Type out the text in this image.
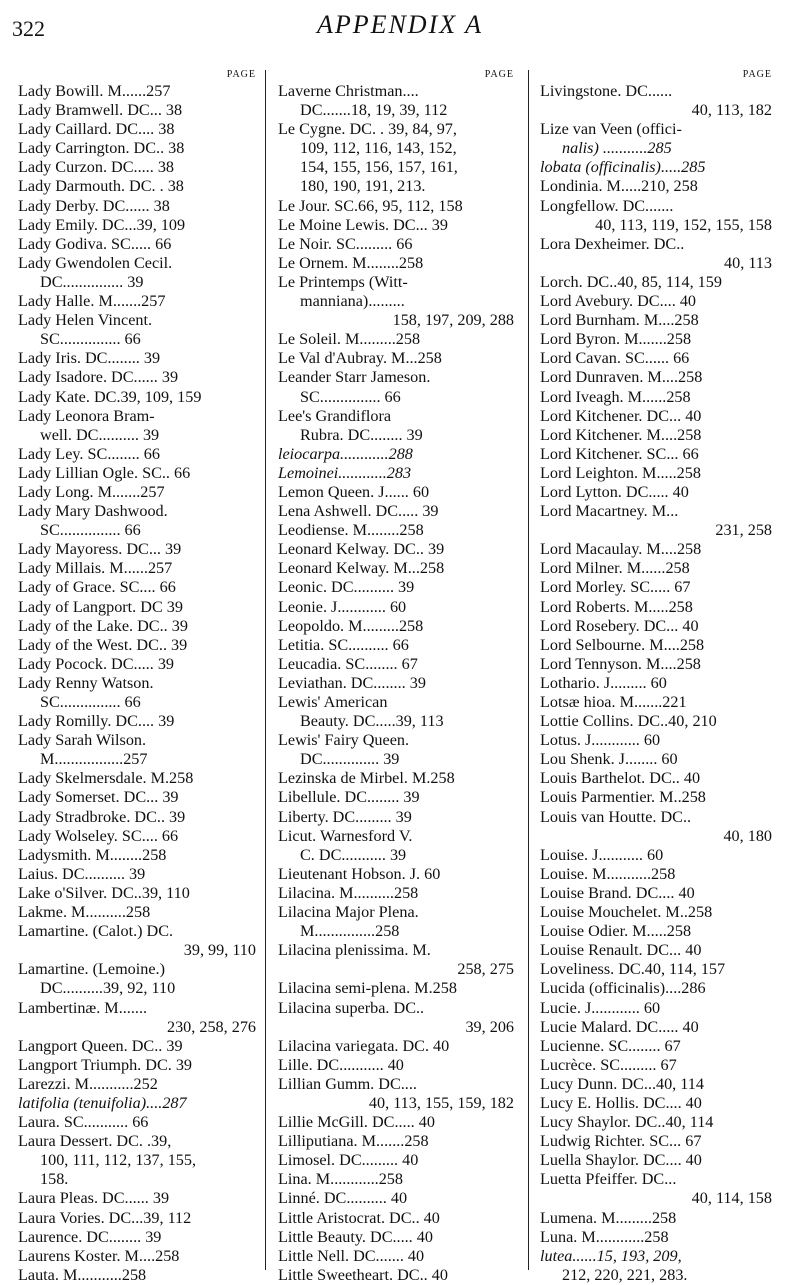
322	APPENDIX A
PAGE
Lady Bowill. M......257
Lady Bramwell. DC... 38
Lady Caillard. DC.... 38
Lady Carrington. DC.. 38
Lady Curzon. DC..... 38
Lady Darmouth. DC. . 38
Lady Derby. DC...... 38
Lady Emily. DC...39, 109
Lady Godiva. SC..... 66
Lady Gwendolen Cecil.
DC............... 39
Lady Halle. M.......257
Lady Helen Vincent.
SC............... 66
Lady Iris. DC........ 39
Lady Isadore. DC...... 39
Lady Kate. DC.39, 109, 159
Lady Leonora Bram-
well. DC.......... 39
Lady Ley. SC........ 66
Lady Lillian Ogle. SC.. 66
Lady Long. M.......257
Lady Mary Dashwood.
SC............... 66
Lady Mayoress. DC... 39
Lady Millais. M......257
Lady of Grace. SC.... 66
Lady of Langport. DC 39
Lady of the Lake. DC.. 39
Lady of the West. DC.. 39
Lady Pocock. DC..... 39
Lady Renny Watson.
SC............... 66
Lady Romilly. DC.... 39
Lady Sarah Wilson.
M.................257
Lady Skelmersdale. M.258
Lady Somerset. DC... 39
Lady Stradbroke. DC.. 39
Lady Wolseley. SC.... 66
Ladysmith. M........258
Laius. DC.......... 39
Lake o'Silver. DC..39, 110
Lakme. M..........258
Lamartine. (Calot.) DC.
39, 99, 110
Lamartine. (Lemoine.)
DC..........39, 92, 110
Lambertinæ. M.......
230, 258, 276
Langport Queen. DC.. 39
Langport Triumph. DC. 39
Larezzi. M...........252
latifolia (tenuifolia)....287
Laura. SC........... 66
Laura Dessert. DC. .39,
100, 111, 112, 137, 155,
158.
Laura Pleas. DC...... 39
Laura Vories. DC...39, 112
Laurence. DC........ 39
Laurens Koster. M....258
Lauta. M...........258
PAGE
Laverne Christman....
DC.......18, 19, 39, 112
Le Cygne. DC. . 39, 84, 97,
109, 112, 116, 143, 152,
154, 155, 156, 157, 161,
180, 190, 191, 213.
Le Jour. SC.66, 95, 112, 158
Le Moine Lewis. DC... 39
Le Noir. SC......... 66
Le Ornem. M........258
Le Printemps (Witt-
manniana).........
158, 197, 209, 288
Le Soleil. M.........258
Le Val d'Aubray. M...258
Leander Starr Jameson.
SC............... 66
Lee's Grandiflora
Rubra. DC........ 39
leiocarpa............288
Lemoinei............283
Lemon Queen. J...... 60
Lena Ashwell. DC..... 39
Leodiense. M........258
Leonard Kelway. DC.. 39
Leonard Kelway. M...258
Leonic. DC.......... 39
Leonie. J............ 60
Leopoldo. M.........258
Letitia. SC.......... 66
Leucadia. SC........ 67
Leviathan. DC........ 39
Lewis' American
Beauty. DC.....39, 113
Lewis' Fairy Queen.
DC.............. 39
Lezinska de Mirbel. M.258
Libellule. DC........ 39
Liberty. DC......... 39
Licut. Warnesford V.
C. DC........... 39
Lieutenant Hobson. J. 60
Lilacina. M..........258
Lilacina Major Plena.
M...............258
Lilacina plenissima. M.
258, 275
Lilacina semi-plena. M.258
Lilacina superba. DC..
39, 206
Lilacina variegata. DC. 40
Lille. DC........... 40
Lillian Gumm. DC....
40, 113, 155, 159, 182
Lillie McGill. DC..... 40
Lilliputiana. M.......258
Limosel. DC......... 40
Lina. M............258
Linné. DC.......... 40
Little Aristocrat. DC.. 40
Little Beauty. DC..... 40
Little Nell. DC....... 40
Little Sweetheart. DC.. 40
PAGE
Livingstone. DC......
40, 113, 182
Lize van Veen (offici-
nalis) ...........285
lobata (officinalis).....285
Londinia. M.....210, 258
Longfellow. DC.......
40, 113, 119, 152, 155, 158
Lora Dexheimer. DC..
40, 113
Lorch. DC..40, 85, 114, 159
Lord Avebury. DC.... 40
Lord Burnham. M....258
Lord Byron. M.......258
Lord Cavan. SC...... 66
Lord Dunraven. M....258
Lord Iveagh. M......258
Lord Kitchener. DC... 40
Lord Kitchener. M....258
Lord Kitchener. SC... 66
Lord Leighton. M.....258
Lord Lytton. DC..... 40
Lord Macartney. M...
231, 258
Lord Macaulay. M....258
Lord Milner. M......258
Lord Morley. SC..... 67
Lord Roberts. M.....258
Lord Rosebery. DC... 40
Lord Selbourne. M....258
Lord Tennyson. M....258
Lothario. J......... 60
Lotsæ hioa. M.......221
Lottie Collins. DC..40, 210
Lotus. J............ 60
Lou Shenk. J........ 60
Louis Barthelot. DC.. 40
Louis Parmentier. M..258
Louis van Houtte. DC..
40, 180
Louise. J........... 60
Louise. M...........258
Louise Brand. DC.... 40
Louise Mouchelet. M..258
Louise Odier. M.....258
Louise Renault. DC... 40
Loveliness. DC.40, 114, 157
Lucida (officinalis)....286
Lucie. J............ 60
Lucie Malard. DC..... 40
Lucienne. SC........ 67
Lucrèce. SC......... 67
Lucy Dunn. DC...40, 114
Lucy E. Hollis. DC.... 40
Lucy Shaylor. DC..40, 114
Ludwig Richter. SC... 67
Luella Shaylor. DC.... 40
Luetta Pfeiffer. DC...
40, 114, 158
Lumena. M.........258
Luna. M............258
lutea......15, 193, 209,
212, 220, 221, 283.
